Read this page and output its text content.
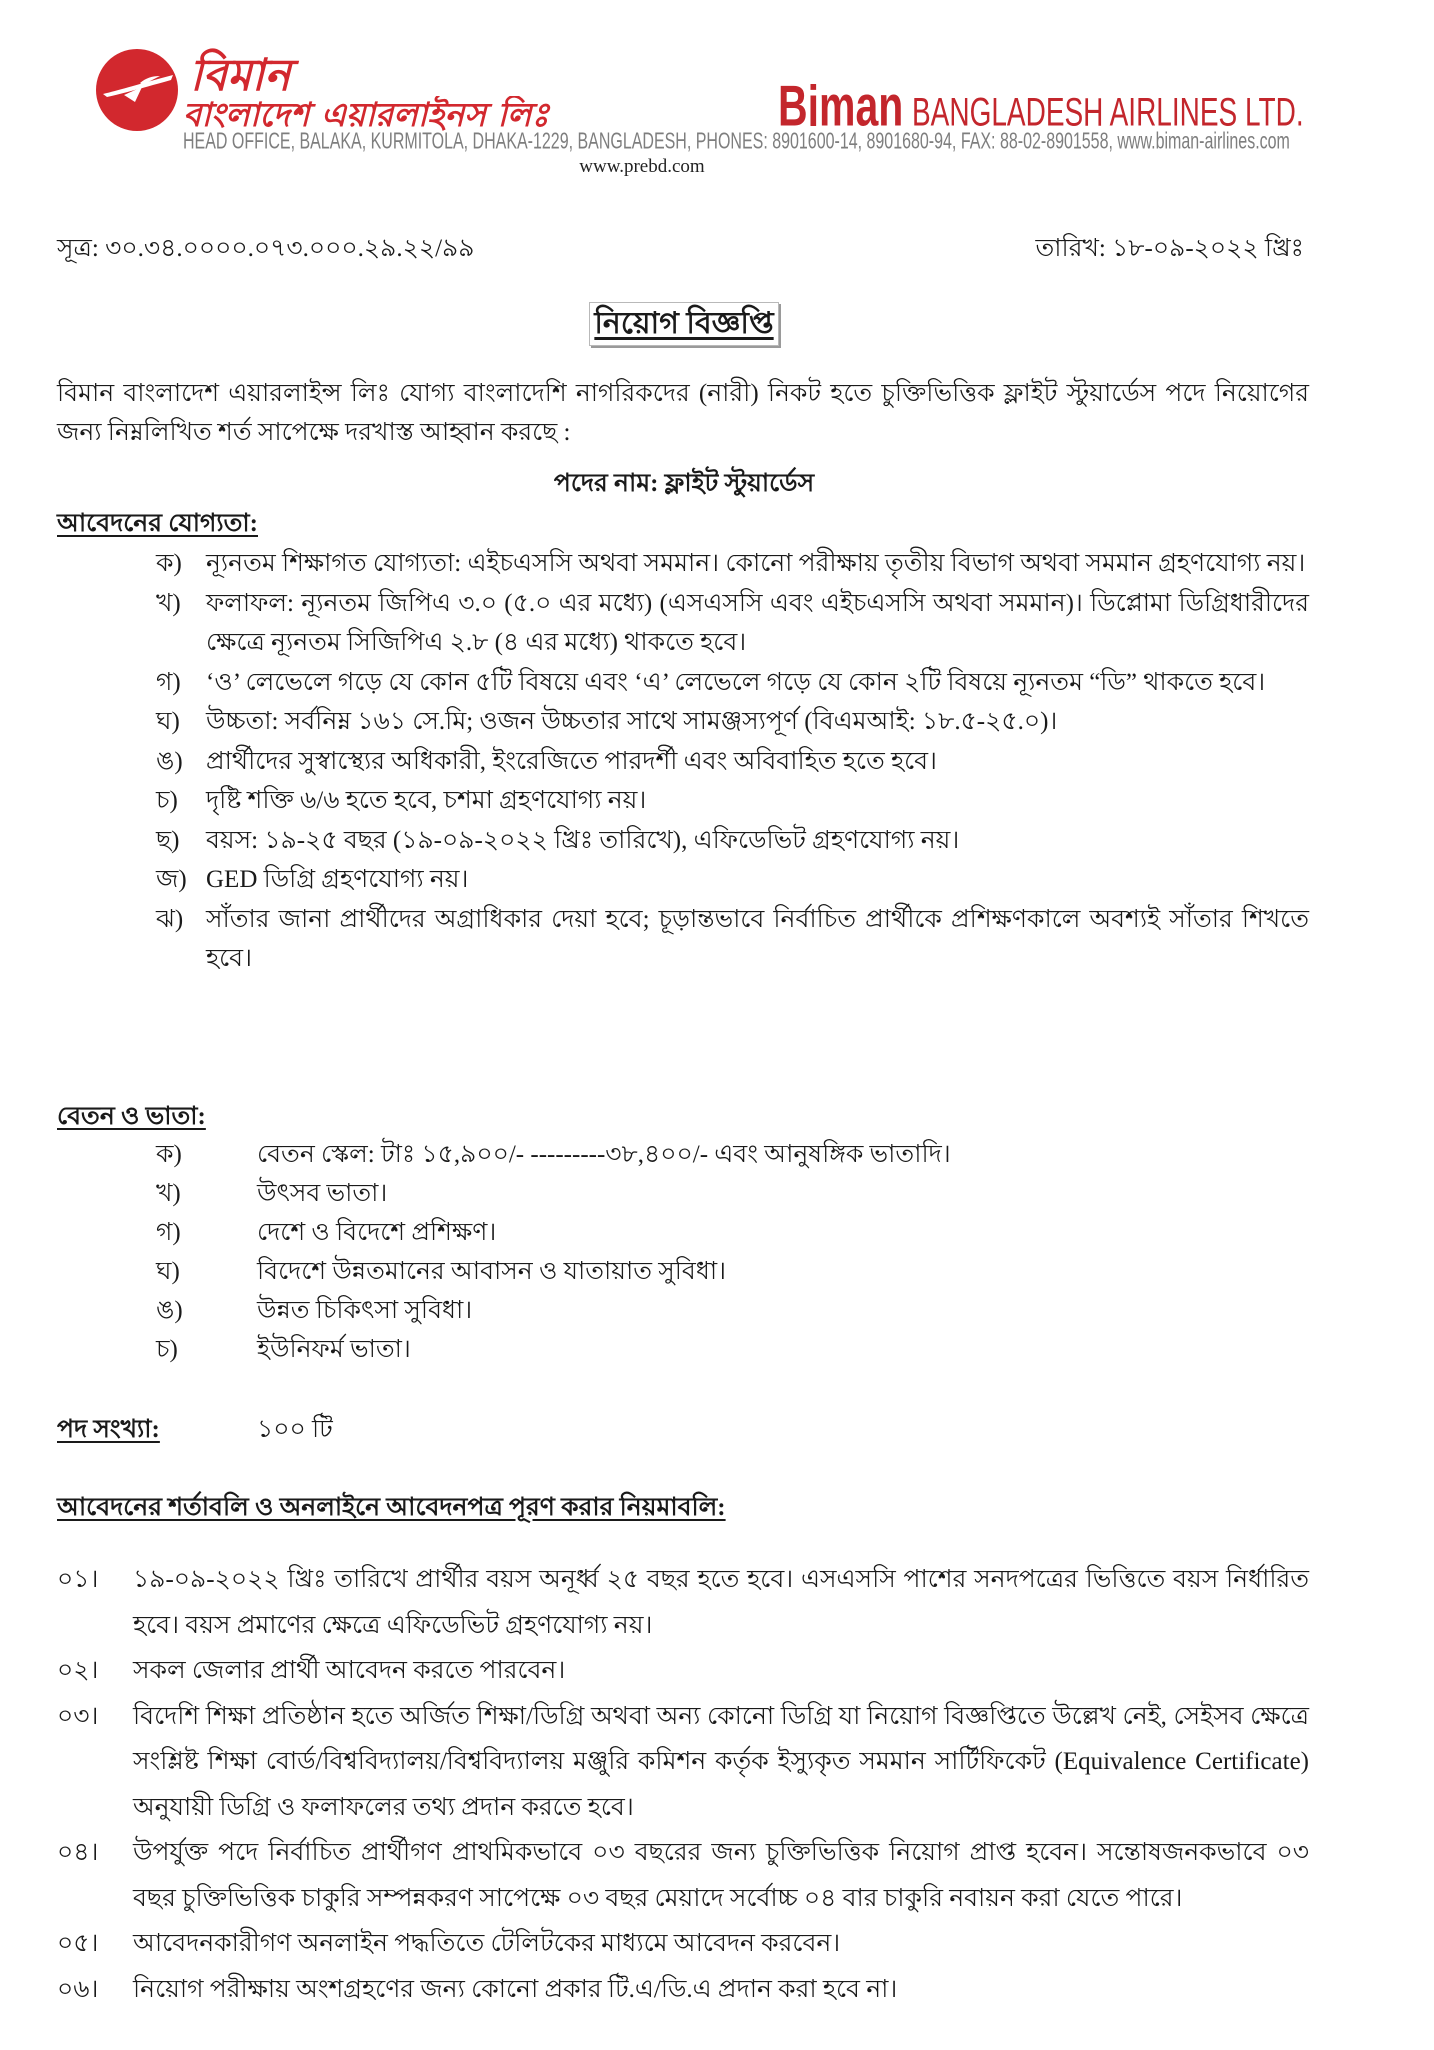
বিমান
বাংলাদেশ এয়ারলাইনস লিঃ	Biman BANGLADESH AIRLINES LTD.
HEAD OFFICE, BALAKA, KURMITOLA, DHAKA-1229, BANGLADESH, PHONES: 8901600-14, 8901680-94, FAX: 88-02-8901558, www.biman-airlines.com
www.prebd.com
সূত্র: ৩০.৩৪.০০০০.০৭৩.০০০.২৯.২২/৯৯	তারিখ: ১৮-০৯-২০২২ খ্রিঃ
নিয়োগ বিজ্ঞপ্তি

বিমান বাংলাদেশ এয়ারলাইন্স লিঃ যোগ্য বাংলাদেশি নাগরিকদের (নারী) নিকট হতে চুক্তিভিত্তিক ফ্লাইট স্টুয়ার্ডেস পদে নিয়োগের জন্য নিম্নলিখিত শর্ত সাপেক্ষে দরখাস্ত আহ্বান করছে :

পদের নাম: ফ্লাইট স্টুয়ার্ডেস
আবেদনের যোগ্যতা:
ক) ন্যূনতম শিক্ষাগত যোগ্যতা: এইচএসসি অথবা সমমান। কোনো পরীক্ষায় তৃতীয় বিভাগ অথবা সমমান গ্রহণযোগ্য নয়।
খ)	ফলাফল: ন্যূনতম জিপিএ ৩.০ (৫.০ এর মধ্যে) (এসএসসি এবং এইচএসসি অথবা সমমান)। ডিপ্লোমা ডিগ্রিধারীদের ক্ষেত্রে ন্যূনতম সিজিপিএ ২.৮ (৪ এর মধ্যে) থাকতে হবে।
গ)	‘ও’ লেভেলে গড়ে যে কোন ৫টি বিষয়ে এবং ‘এ’ লেভেলে গড়ে যে কোন ২টি বিষয়ে ন্যূনতম “ডি” থাকতে হবে।
ঘ)	উচ্চতা: সর্বনিম্ন ১৬১ সে.মি; ওজন উচ্চতার সাথে সামঞ্জস্যপূর্ণ (বিএমআই: ১৮.৫-২৫.০)।
ঙ) প্রার্থীদের সুস্বাস্থ্যের অধিকারী, ইংরেজিতে পারদর্শী এবং অবিবাহিত হতে হবে।
চ)	দৃষ্টি শক্তি ৬/৬ হতে হবে, চশমা গ্রহণযোগ্য নয়।
ছ)	বয়স: ১৯-২৫ বছর (১৯-০৯-২০২২ খ্রিঃ তারিখে), এফিডেভিট গ্রহণযোগ্য নয়।
জ) GED ডিগ্রি গ্রহণযোগ্য নয়।
ঝ) সাঁতার জানা প্রার্থীদের অগ্রাধিকার দেয়া হবে; চূড়ান্তভাবে নির্বাচিত প্রার্থীকে প্রশিক্ষণকালে অবশ্যই সাঁতার শিখতে হবে।
বেতন ও ভাতা:
ক)	বেতন স্কেল: টাঃ ১৫,৯০০/- ---------৩৮,৪০০/- এবং আনুষঙ্গিক ভাতাদি।
খ)	উৎসব ভাতা।
গ)	দেশে ও বিদেশে প্রশিক্ষণ।
ঘ)	বিদেশে উন্নতমানের আবাসন ও যাতায়াত সুবিধা।
ঙ)	উন্নত চিকিৎসা সুবিধা।
চ)	ইউনিফর্ম ভাতা।
পদ সংখ্যা:	১০০ টি
আবেদনের শর্তাবলি ও অনলাইনে আবেদনপত্র পূরণ করার নিয়মাবলি:
০১।	১৯-০৯-২০২২ খ্রিঃ তারিখে প্রার্থীর বয়স অনূর্ধ্ব ২৫ বছর হতে হবে। এসএসসি পাশের সনদপত্রের ভিত্তিতে বয়স নির্ধারিত হবে। বয়স প্রমাণের ক্ষেত্রে এফিডেভিট গ্রহণযোগ্য নয়।
০২।	সকল জেলার প্রার্থী আবেদন করতে পারবেন।
০৩।	বিদেশি শিক্ষা প্রতিষ্ঠান হতে অর্জিত শিক্ষা/ডিগ্রি অথবা অন্য কোনো ডিগ্রি যা নিয়োগ বিজ্ঞপ্তিতে উল্লেখ নেই, সেইসব ক্ষেত্রে সংশ্লিষ্ট শিক্ষা বোর্ড/বিশ্ববিদ্যালয়/বিশ্ববিদ্যালয় মঞ্জুরি কমিশন কর্তৃক ইস্যুকৃত সমমান সার্টিফিকেট (Equivalence Certificate) অনুযায়ী ডিগ্রি ও ফলাফলের তথ্য প্রদান করতে হবে।
০৪।	উপর্যুক্ত পদে নির্বাচিত প্রার্থীগণ প্রাথমিকভাবে ০৩ বছরের জন্য চুক্তিভিত্তিক নিয়োগ প্রাপ্ত হবেন। সন্তোষজনকভাবে ০৩ বছর চুক্তিভিত্তিক চাকুরি সম্পন্নকরণ সাপেক্ষে ০৩ বছর মেয়াদে সর্বোচ্চ ০৪ বার চাকুরি নবায়ন করা যেতে পারে।
০৫।	আবেদনকারীগণ অনলাইন পদ্ধতিতে টেলিটকের মাধ্যমে আবেদন করবেন।
০৬।	নিয়োগ পরীক্ষায় অংশগ্রহণের জন্য কোনো প্রকার টি.এ/ডি.এ প্রদান করা হবে না।
